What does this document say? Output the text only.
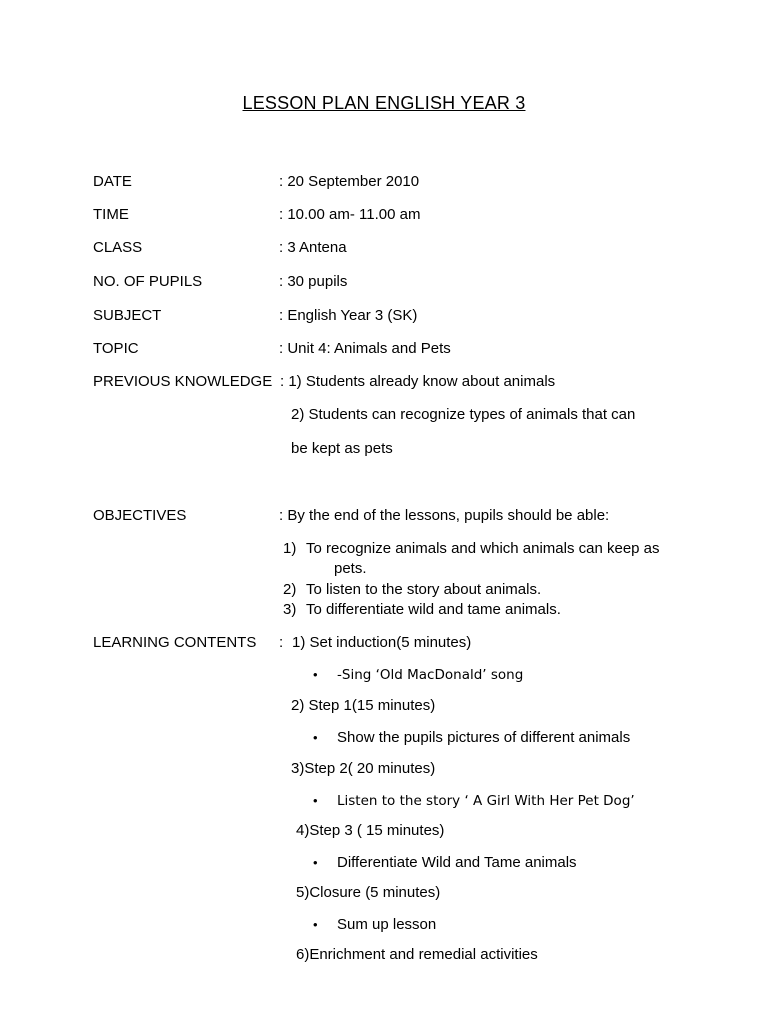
LESSON PLAN ENGLISH YEAR 3
DATE	: 20 September 2010
TIME	: 10.00 am- 11.00 am
CLASS	: 3 Antena
NO. OF PUPILS	: 30 pupils
SUBJECT	: English Year 3 (SK)
TOPIC	: Unit 4: Animals and Pets
PREVIOUS KNOWLEDGE : 1) Students already know about animals
2) Students can recognize types of animals that can
be kept as pets
OBJECTIVES	: By the end of the lessons, pupils should be able:
1) To recognize animals and which animals can keep as
pets.
2) To listen to the story about animals.
3) To differentiate wild and tame animals.
LEARNING CONTENTS : 1) Set induction(5 minutes)
• -Sing ‘Old MacDonald’ song
2) Step 1(15 minutes)
• Show the pupils pictures of different animals
3)Step 2( 20 minutes)
• Listen to the story ‘ A Girl With Her Pet Dog’
4)Step 3 ( 15 minutes)
• Differentiate Wild and Tame animals
5)Closure (5 minutes)
• Sum up lesson
6)Enrichment and remedial activities
